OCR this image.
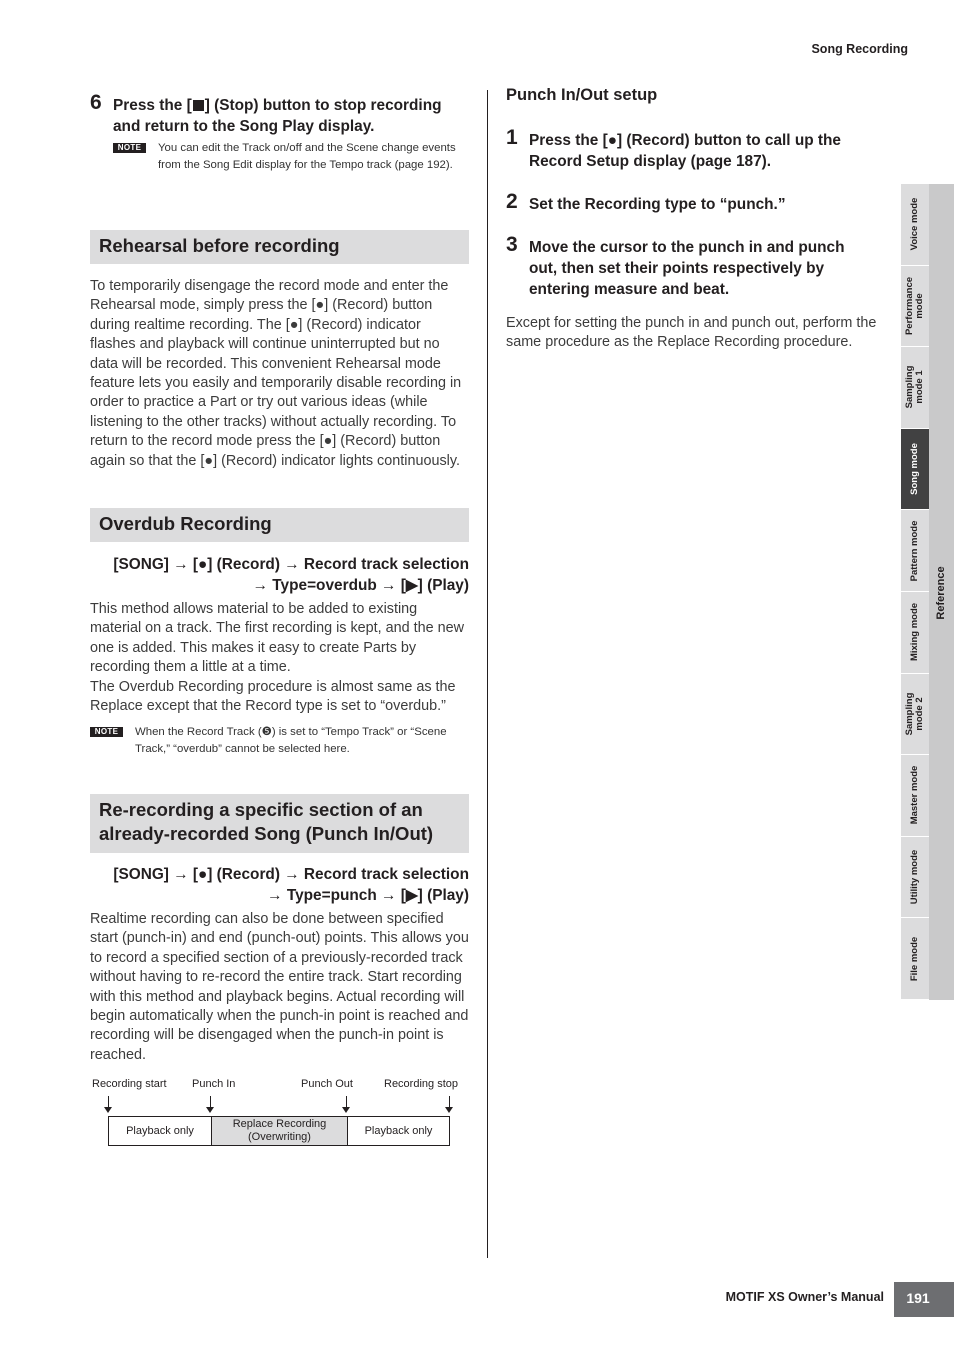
Song Recording
6 Press the [ ] (Stop) button to stop recording and return to the Song Play display.
NOTE	You can edit the Track on/off and the Scene change events from the Song Edit display for the Tempo track (page 192).
Rehearsal before recording
To temporarily disengage the record mode and enter the Rehearsal mode, simply press the [●] (Record) button during realtime recording. The [●] (Record) indicator flashes and playback will continue uninterrupted but no data will be recorded. This convenient Rehearsal mode feature lets you easily and temporarily disable recording in order to practice a Part or try out various ideas (while listening to the other tracks) without actually recording. To return to the record mode press the [●] (Record) button again so that the [●] (Record) indicator lights continuously.
Overdub Recording
[SONG] → [●] (Record) → Record track selection
→ Type=overdub → [▶] (Play)
This method allows material to be added to existing material on a track. The first recording is kept, and the new one is added. This makes it easy to create Parts by recording them a little at a time.
The Overdub Recording procedure is almost same as the Replace except that the Record type is set to “overdub.”
NOTE	When the Record Track (❺) is set to “Tempo Track” or “Scene Track,” “overdub” cannot be selected here.
Re-recording a specific section of an
already-recorded Song (Punch In/Out)
[SONG] → [●] (Record) → Record track selection
→ Type=punch → [▶] (Play)
Realtime recording can also be done between specified start (punch-in) and end (punch-out) points. This allows you to record a specified section of a previously-recorded track without having to re-record the entire track. Start recording with this method and playback begins. Actual recording will begin automatically when the punch-in point is reached and recording will be disengaged when the punch-in point is reached.
Recording start Punch In	Punch Out	Recording stop
Playback only
Replace Recording
(Overwriting)
Playback only
Punch In/Out setup
1 Press the [●] (Record) button to call up the Record Setup display (page 187).
2 Set the Recording type to “punch.”
3 Move the cursor to the punch in and punch out, then set their points respectively by entering measure and beat.
Except for setting the punch in and punch out, perform the same procedure as the Replace Recording procedure.
Voice mode
Performance
mode
Sampling
mode 1
Song mode
Pattern mode
Mixing mode
Sampling
mode 2
Master mode
Utility mode
File mode
Reference
MOTIF XS Owner’s Manual	191
